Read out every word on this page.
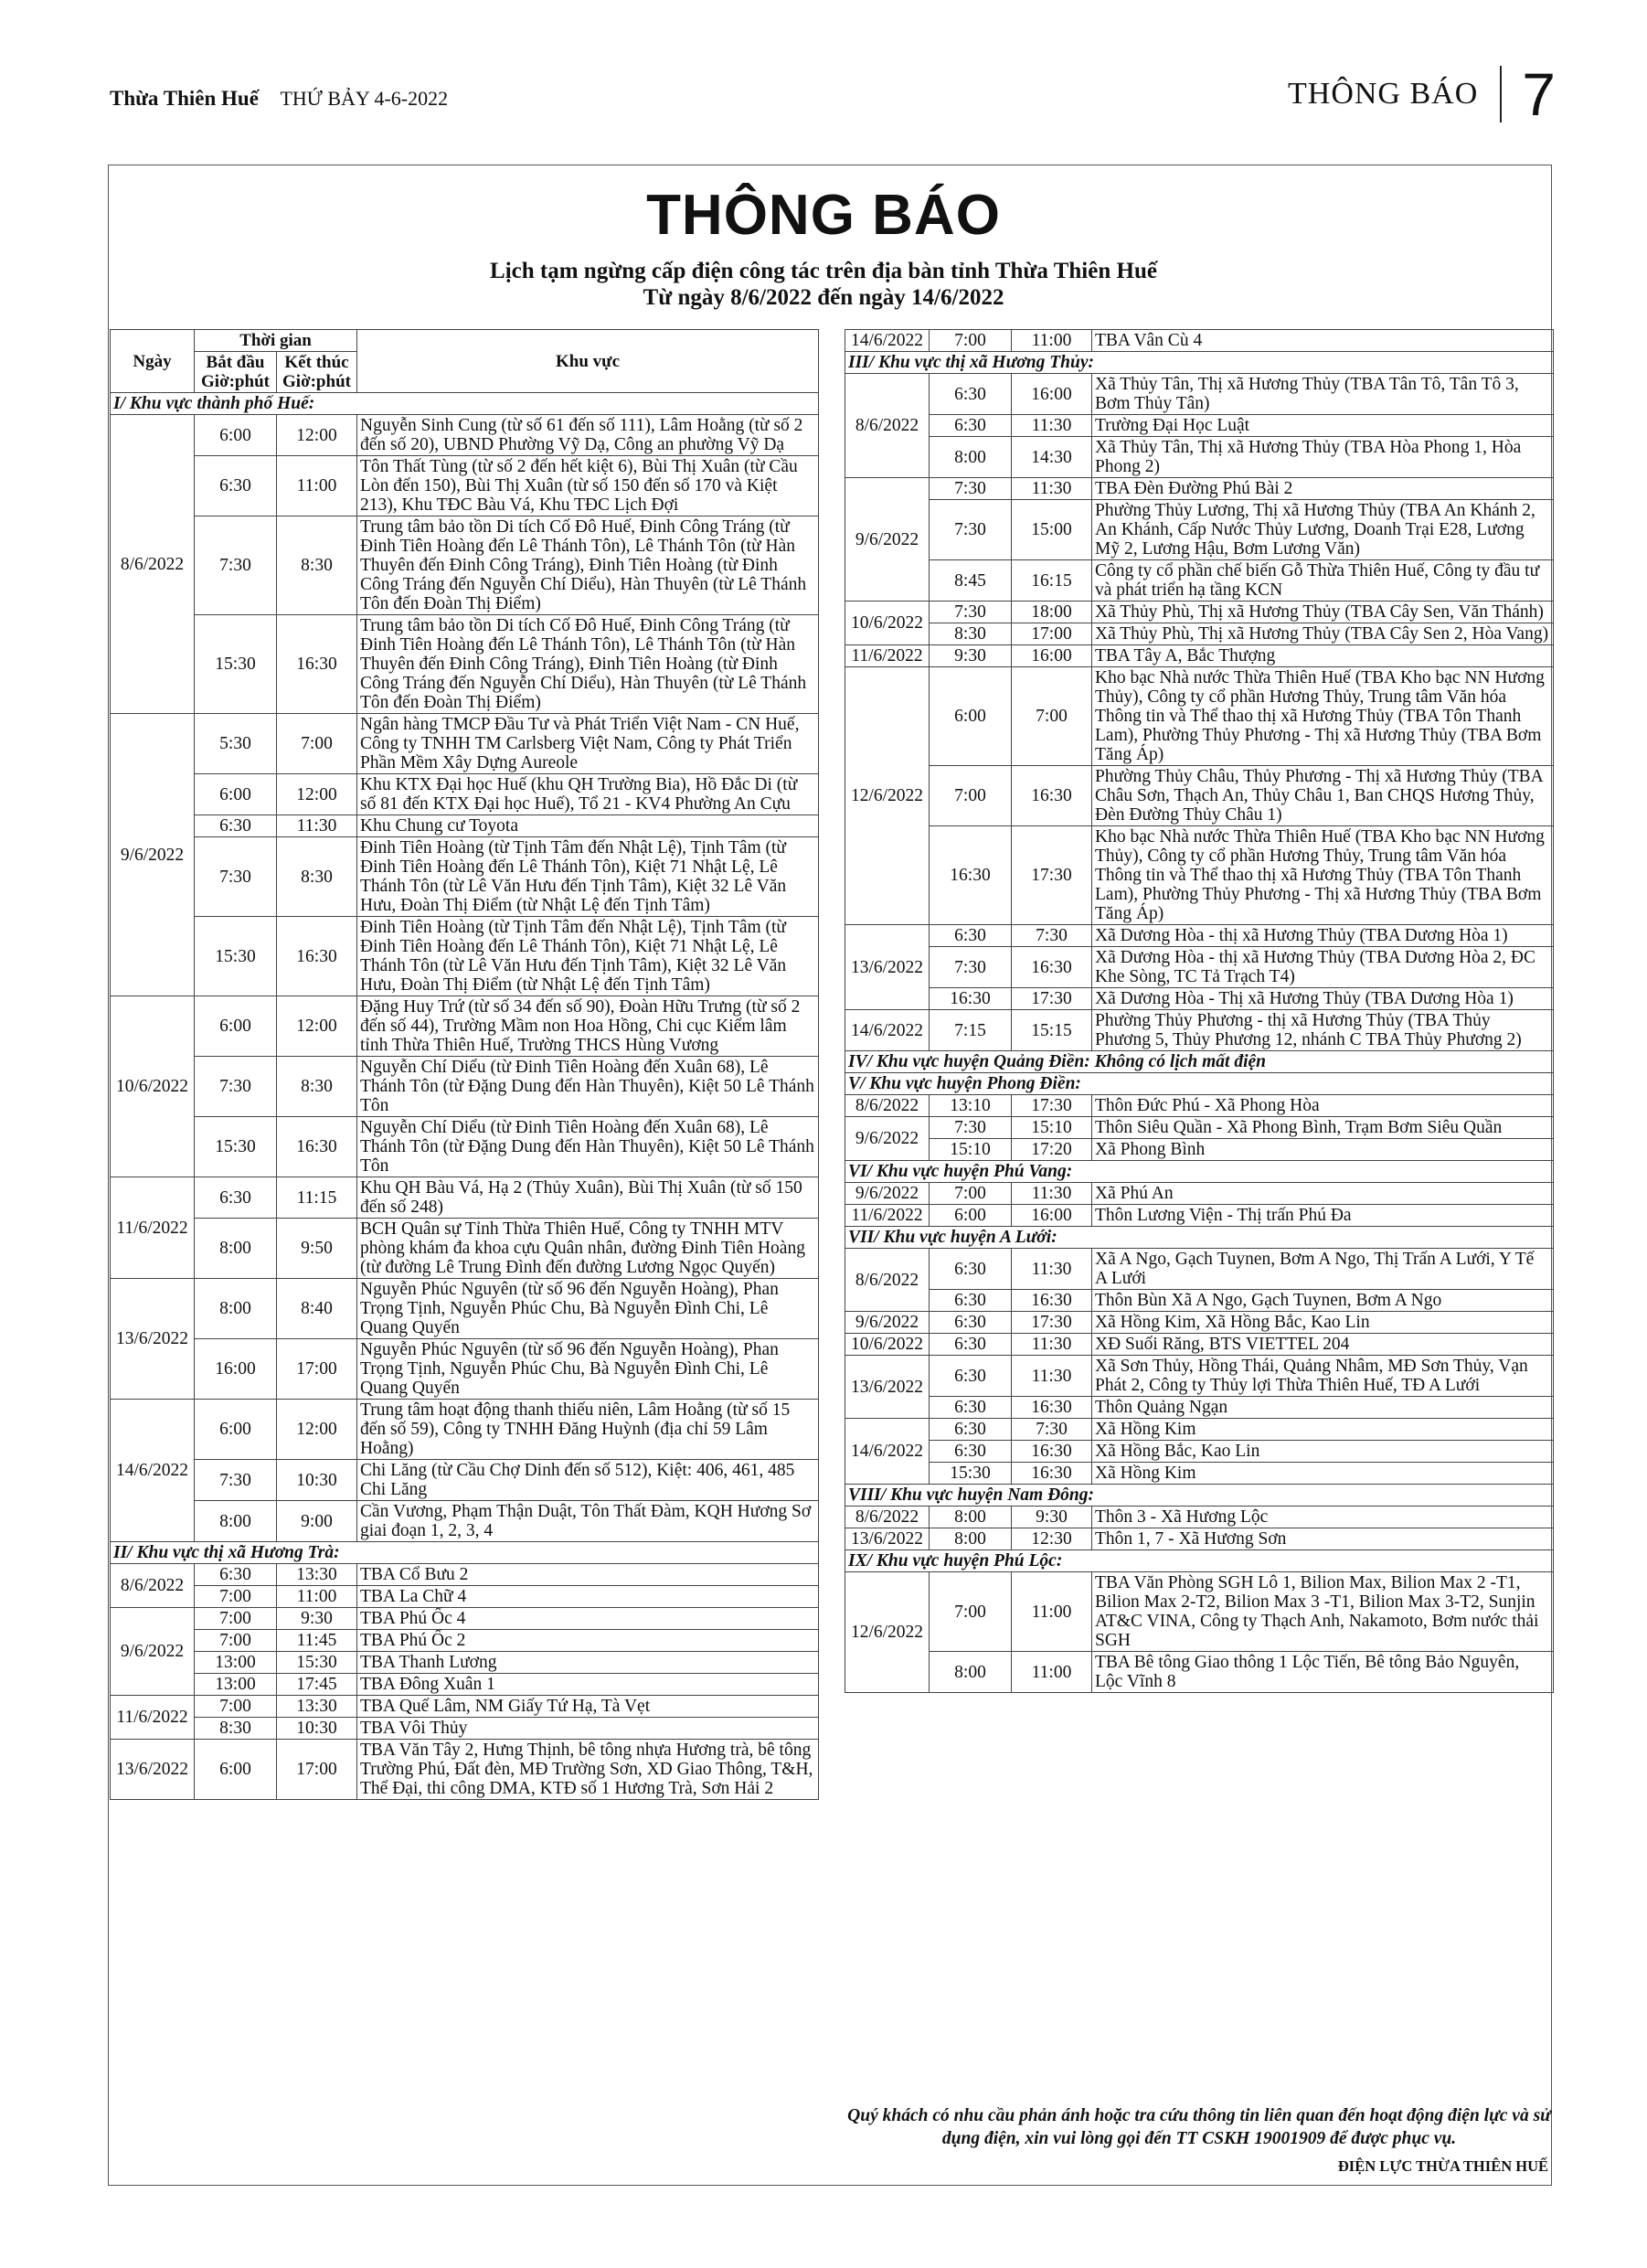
Thừa Thiên Huế THỨ BẢY 4-6-2022	THÔNG BÁO 7
THÔNG BÁO
Lịch tạm ngừng cấp điện công tác trên địa bàn tỉnh Thừa Thiên Huế
Từ ngày 8/6/2022 đến ngày 14/6/2022
Ngày	Thời gian		Khu vực
	Bắt đầu Giờ:phút	Kết thúc Giờ:phút	
I/ Khu vực thành phố Huế:			
8/6/2022	6:00	12:00	Nguyễn Sinh Cung (từ số 61 đến số 111), Lâm Hoằng (từ số 2 đến số 20), UBND Phường Vỹ Dạ, Công an phường Vỹ Dạ
	6:30	11:00	Tôn Thất Tùng (từ số 2 đến hết kiệt 6), Bùi Thị Xuân (từ Cầu Lòn đến 150), Bùi Thị Xuân (từ số 150 đến số 170 và Kiệt 213), Khu TĐC Bàu Vá, Khu TĐC Lịch Đợi
	7:30	8:30	Trung tâm bảo tồn Di tích Cố Đô Huế, Đinh Công Tráng (từ Đinh Tiên Hoàng đến Lê Thánh Tôn), Lê Thánh Tôn (từ Hàn Thuyên đến Đinh Công Tráng), Đinh Tiên Hoàng (từ Đinh Công Tráng đến Nguyễn Chí Diểu), Hàn Thuyên (từ Lê Thánh Tôn đến Đoàn Thị Điểm)
	15:30	16:30	Trung tâm bảo tồn Di tích Cố Đô Huế, Đinh Công Tráng (từ Đinh Tiên Hoàng đến Lê Thánh Tôn), Lê Thánh Tôn (từ Hàn Thuyên đến Đinh Công Tráng), Đinh Tiên Hoàng (từ Đinh Công Tráng đến Nguyễn Chí Diểu), Hàn Thuyên (từ Lê Thánh Tôn đến Đoàn Thị Điểm)
9/6/2022	5:30	7:00	Ngân hàng TMCP Đầu Tư và Phát Triển Việt Nam - CN Huế, Công ty TNHH TM Carlsberg Việt Nam, Công ty Phát Triển Phần Mềm Xây Dựng Aureole
	6:00	12:00	Khu KTX Đại học Huế (khu QH Trường Bia), Hồ Đắc Di (từ số 81 đến KTX Đại học Huế), Tổ 21 - KV4 Phường An Cựu
	6:30	11:30	Khu Chung cư Toyota
	7:30	8:30	Đinh Tiên Hoàng (từ Tịnh Tâm đến Nhật Lệ), Tịnh Tâm (từ Đinh Tiên Hoàng đến Lê Thánh Tôn), Kiệt 71 Nhật Lệ, Lê Thánh Tôn (từ Lê Văn Hưu đến Tịnh Tâm), Kiệt 32 Lê Văn Hưu, Đoàn Thị Điểm (từ Nhật Lệ đến Tịnh Tâm)
	15:30	16:30	Đinh Tiên Hoàng (từ Tịnh Tâm đến Nhật Lệ), Tịnh Tâm (từ Đinh Tiên Hoàng đến Lê Thánh Tôn), Kiệt 71 Nhật Lệ, Lê Thánh Tôn (từ Lê Văn Hưu đến Tịnh Tâm), Kiệt 32 Lê Văn Hưu, Đoàn Thị Điểm (từ Nhật Lệ đến Tịnh Tâm)
10/6/2022	6:00	12:00	Đặng Huy Trứ (từ số 34 đến số 90), Đoàn Hữu Trưng (từ số 2 đến số 44), Trường Mầm non Hoa Hồng, Chi cục Kiểm lâm tỉnh Thừa Thiên Huế, Trường THCS Hùng Vương
	7:30	8:30	Nguyễn Chí Diểu (từ Đinh Tiên Hoàng đến Xuân 68), Lê Thánh Tôn (từ Đặng Dung đến Hàn Thuyên), Kiệt 50 Lê Thánh Tôn
	15:30	16:30	Nguyễn Chí Diểu (từ Đinh Tiên Hoàng đến Xuân 68), Lê Thánh Tôn (từ Đặng Dung đến Hàn Thuyên), Kiệt 50 Lê Thánh Tôn
11/6/2022	6:30	11:15	Khu QH Bàu Vá, Hạ 2 (Thủy Xuân), Bùi Thị Xuân (từ số 150 đến số 248)
	8:00	9:50	BCH Quân sự Tỉnh Thừa Thiên Huế, Công ty TNHH MTV phòng khám đa khoa cựu Quân nhân, đường Đinh Tiên Hoàng (từ đường Lê Trung Đình đến đường Lương Ngọc Quyến)
13/6/2022	8:00	8:40	Nguyễn Phúc Nguyên (từ số 96 đến Nguyễn Hoàng), Phan Trọng Tịnh, Nguyễn Phúc Chu, Bà Nguyễn Đình Chi, Lê Quang Quyến
	16:00	17:00	Nguyễn Phúc Nguyên (từ số 96 đến Nguyễn Hoàng), Phan Trọng Tịnh, Nguyễn Phúc Chu, Bà Nguyễn Đình Chi, Lê Quang Quyến
14/6/2022	6:00	12:00	Trung tâm hoạt động thanh thiếu niên, Lâm Hoằng (từ số 15 đến số 59), Công ty TNHH Đăng Huỳnh (địa chỉ 59 Lâm Hoằng)
	7:30	10:30	Chi Lăng (từ Cầu Chợ Dinh đến số 512), Kiệt: 406, 461, 485 Chi Lăng
	8:00	9:00	Cần Vương, Phạm Thận Duật, Tôn Thất Đàm, KQH Hương Sơ giai đoạn 1, 2, 3, 4
II/ Khu vực thị xã Hương Trà:			
8/6/2022	6:30	13:30	TBA Cổ Bưu 2
	7:00	11:00	TBA La Chữ 4
9/6/2022	7:00	9:30	TBA Phú Ốc 4
	7:00	11:45	TBA Phú Ốc 2
	13:00	15:30	TBA Thanh Lương
	13:00	17:45	TBA Đông Xuân 1
11/6/2022	7:00	13:30	TBA Quế Lâm, NM Giấy Tứ Hạ, Tà Vẹt
	8:30	10:30	TBA Vôi Thủy
13/6/2022	6:00	17:00	TBA Văn Tây 2, Hưng Thịnh, bê tông nhựa Hương trà, bê tông Trường Phú, Đất đèn, MĐ Trường Sơn, XD Giao Thông, T&H, Thể Đại, thi công DMA, KTĐ số 1 Hương Trà, Sơn Hải 2
14/6/2022	7:00	11:00	TBA Vân Cù 4
III/ Khu vực thị xã Hương Thủy:			
8/6/2022	6:30	16:00	Xã Thủy Tân, Thị xã Hương Thủy (TBA Tân Tô, Tân Tô 3, Bơm Thủy Tân)
	6:30	11:30	Trường Đại Học Luật
	8:00	14:30	Xã Thủy Tân, Thị xã Hương Thủy (TBA Hòa Phong 1, Hòa Phong 2)
9/6/2022	7:30	11:30	TBA Đèn Đường Phú Bài 2
	7:30	15:00	Phường Thủy Lương, Thị xã Hương Thủy (TBA An Khánh 2, An Khánh, Cấp Nước Thủy Lương, Doanh Trại E28, Lương Mỹ 2, Lương Hậu, Bơm Lương Văn)
	8:45	16:15	Công ty cổ phần chế biến Gỗ Thừa Thiên Huế, Công ty đầu tư và phát triển hạ tầng KCN
10/6/2022	7:30	18:00	Xã Thủy Phù, Thị xã Hương Thủy (TBA Cây Sen, Văn Thánh)
	8:30	17:00	Xã Thủy Phù, Thị xã Hương Thủy (TBA Cây Sen 2, Hòa Vang)
11/6/2022	9:30	16:00	TBA Tây A, Bắc Thượng
12/6/2022	6:00	7:00	Kho bạc Nhà nước Thừa Thiên Huế (TBA Kho bạc NN Hương Thủy), Công ty cổ phần Hương Thủy, Trung tâm Văn hóa Thông tin và Thể thao thị xã Hương Thủy (TBA Tôn Thanh Lam), Phường Thủy Phương - Thị xã Hương Thủy (TBA Bơm Tăng Áp)
	7:00	16:30	Phường Thủy Châu, Thủy Phương - Thị xã Hương Thủy (TBA Châu Sơn, Thạch An, Thủy Châu 1, Ban CHQS Hương Thủy, Đèn Đường Thủy Châu 1)
	16:30	17:30	Kho bạc Nhà nước Thừa Thiên Huế (TBA Kho bạc NN Hương Thủy), Công ty cổ phần Hương Thủy, Trung tâm Văn hóa Thông tin và Thể thao thị xã Hương Thủy (TBA Tôn Thanh Lam), Phường Thủy Phương - Thị xã Hương Thủy (TBA Bơm Tăng Áp)
13/6/2022	6:30	7:30	Xã Dương Hòa - thị xã Hương Thủy (TBA Dương Hòa 1)
	7:30	16:30	Xã Dương Hòa - thị xã Hương Thủy (TBA Dương Hòa 2, ĐC Khe Sòng, TC Tả Trạch T4)
	16:30	17:30	Xã Dương Hòa - Thị xã Hương Thủy (TBA Dương Hòa 1)
14/6/2022	7:15	15:15	Phường Thủy Phương - thị xã Hương Thủy (TBA Thủy Phương 5, Thủy Phương 12, nhánh C TBA Thủy Phương 2)
IV/ Khu vực huyện Quảng Điền: Không có lịch mất điện			
V/ Khu vực huyện Phong Điền:			
8/6/2022	13:10	17:30	Thôn Đức Phú - Xã Phong Hòa
9/6/2022	7:30	15:10	Thôn Siêu Quần - Xã Phong Bình, Trạm Bơm Siêu Quần
	15:10	17:20	Xã Phong Bình
VI/ Khu vực huyện Phú Vang:			
9/6/2022	7:00	11:30	Xã Phú An
11/6/2022	6:00	16:00	Thôn Lương Viện - Thị trấn Phú Đa
VII/ Khu vực huyện A Lưới:			
8/6/2022	6:30	11:30	Xã A Ngo, Gạch Tuynen, Bơm A Ngo, Thị Trấn A Lưới, Y Tế A Lưới
	6:30	16:30	Thôn Bùn Xã A Ngo, Gạch Tuynen, Bơm A Ngo
9/6/2022	6:30	17:30	Xã Hồng Kim, Xã Hồng Bắc, Kao Lin
10/6/2022	6:30	11:30	XĐ Suối Răng, BTS VIETTEL 204
13/6/2022	6:30	11:30	Xã Sơn Thủy, Hồng Thái, Quảng Nhâm, MĐ Sơn Thủy, Vạn Phát 2, Công ty Thủy lợi Thừa Thiên Huế, TĐ A Lưới
	6:30	16:30	Thôn Quảng Ngạn
14/6/2022	6:30	7:30	Xã Hồng Kim
	6:30	16:30	Xã Hồng Bắc, Kao Lin
	15:30	16:30	Xã Hồng Kim
VIII/ Khu vực huyện Nam Đông:			
8/6/2022	8:00	9:30	Thôn 3 - Xã Hương Lộc
13/6/2022	8:00	12:30	Thôn 1, 7 - Xã Hương Sơn
IX/ Khu vực huyện Phú Lộc:			
12/6/2022	7:00	11:00	TBA Văn Phòng SGH Lô 1, Bilion Max, Bilion Max 2 -T1, Bilion Max 2-T2, Bilion Max 3 -T1, Bilion Max 3-T2, Sunjin AT&C VINA, Công ty Thạch Anh, Nakamoto, Bơm nước thải SGH
	8:00	11:00	TBA Bê tông Giao thông 1 Lộc Tiến, Bê tông Bảo Nguyên, Lộc Vĩnh 8
Quý khách có nhu cầu phản ánh hoặc tra cứu thông tin liên quan đến hoạt động điện lực và sử dụng điện, xin vui lòng gọi đến TT CSKH 19001909 để được phục vụ.
ĐIỆN LỰC THỪA THIÊN HUẾ
